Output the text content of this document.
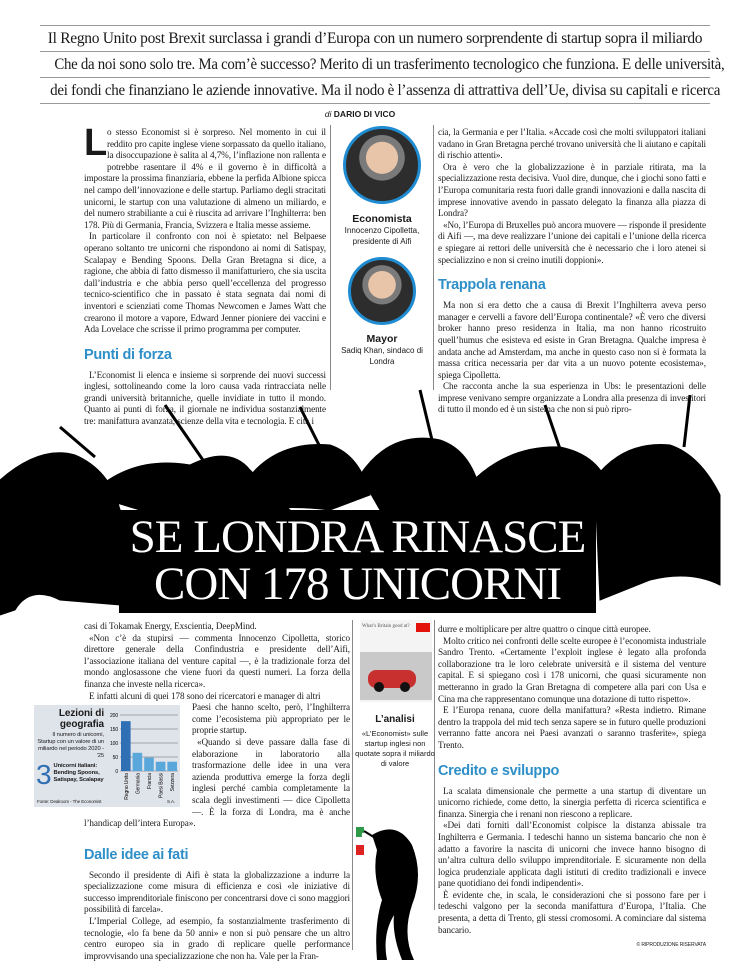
Il Regno Unito post Brexit surclassa i grandi d’Europa con un numero sorprendente di startup sopra il miliardo
Che da noi sono solo tre. Ma com’è successo? Merito di un trasferimento tecnologico che funziona. E delle università,
dei fondi che finanziano le aziende innovative. Ma il nodo è l’assenza di attrattiva dell’Ue, divisa su capitali e ricerca
di DARIO DI VICO
L o stesso Economist si è sorpreso. Nel momento in cui il reddito pro capite inglese viene sorpassato da quello italiano, la disoccupazione è salita al 4,7%, l’inflazione non rallenta e potrebbe rasentare il 4% e il governo è in difficoltà a impostare la prossima finanziaria, ebbene la perfida Albione spicca nel campo dell’innovazione e delle startup. Parliamo degli stracitati unicorni, le startup con una valutazione di almeno un miliardo, e del numero strabiliante a cui è riuscita ad arrivare l’Inghilterra: ben 178. Più di Germania, Francia, Svizzera e Italia messe assieme.

In particolare il confronto con noi è spietato: nel Belpaese operano soltanto tre unicorni che rispondono ai nomi di Satispay, Scalapay e Bending Spoons. Della Gran Bretagna si dice, a ragione, che abbia di fatto dismesso il manifatturiero, che sia uscita dall’industria e che abbia perso quell’eccellenza del progresso tecnico-scientifico che in passato è stata segnata dai nomi di inventori e scienziati come Thomas Newcomen e James Watt che crearono il motore a vapore, Edward Jenner pioniere dei vaccini e Ada Lovelace che scrisse il primo programma per computer.

Punti di forza

L’Economist li elenca e insieme si sorprende dei nuovi successi inglesi, sottolineando come la loro causa vada rintracciata nelle grandi università britanniche, quelle invidiate in tutto il mondo. Quanto ai punti di forza, il giornale ne individua sostanzialmente tre: manifattura avanzata, scienze della vita e tecnologia. E cita i

Economista
Innocenzo Cipolletta, presidente di Aifi
Mayor
Sadiq Khan, sindaco di Londra

cia, la Germania e per l’Italia. «Accade così che molti sviluppatori italiani vadano in Gran Bretagna perché trovano università che li aiutano e capitali di rischio attenti».

Ora è vero che la globalizzazione è in parziale ritirata, ma la specializzazione resta decisiva. Vuol dire, dunque, che i giochi sono fatti e l’Europa comunitaria resta fuori dalle grandi innovazioni e dalla nascita di imprese innovative avendo in passato delegato la finanza alla piazza di Londra?

«No, l’Europa di Bruxelles può ancora muovere — risponde il presidente di Aifi —, ma deve realizzare l’unione dei capitali e l’unione della ricerca e spiegare ai rettori delle università che è necessario che i loro atenei si specializzino e non si creino inutili doppioni».

Trappola renana

Ma non si era detto che a causa di Brexit l’Inghilterra aveva perso manager e cervelli a favore dell’Europa continentale? «È vero che diversi broker hanno preso residenza in Italia, ma non hanno ricostruito quell’humus che esisteva ed esiste in Gran Bretagna. Qualche impresa è andata anche ad Amsterdam, ma anche in questo caso non si è formata la massa critica necessaria per dar vita a un nuovo potente ecosistema», spiega Cipolletta.

Che racconta anche la sua esperienza in Ubs: le presentazioni delle imprese venivano sempre organizzate a Londra alla presenza di investitori di tutto il mondo ed è un sistema che non si può ripro-

SE LONDRA RINASCE
CON 178 UNICORNI

casi di Tokamak Energy, Exscientia, DeepMind.

«Non c’è da stupirsi — commenta Innocenzo Cipolletta, storico direttore generale della Confindustria e presidente dell’Aifi, l’associazione italiana del venture capital —, è la tradizionale forza del mondo anglosassone che viene fuori da questi numeri. La forza della finanza che investe nella ricerca».

E infatti alcuni di quei 178 sono dei ricercatori e manager di altri

Lezioni di geografia
Il numero di unicorni, Startup con un valore di un miliardo nel periodo 2020 - ’25
3 Unicorni italiani: Bending Spoons, Satispay, Scalapay
Fonte: Dealroom - The Economist	S.A.
0
50
100
150
200
Regno Unito Germania Francia Paesi Bassi Svizzera

Paesi che hanno scelto, però, l’Inghilterra come l’ecosistema più appropriato per le proprie startup.

«Quando si deve passare dalla fase di elaborazione in laboratorio alla trasformazione delle idee in una vera azienda produttiva emerge la forza degli inglesi perché cambia completamente la scala degli investimenti — dice Cipolletta —. È la forza di Londra, ma è anche l’handicap dell’intera Europa».

Dalle idee ai fati

Secondo il presidente di Aifi è stata la globalizzazione a indurre la specializzazione come misura di efficienza e così «le iniziative di successo imprenditoriale finiscono per concentrarsi dove ci sono maggiori possibilità di farcela».

L’Imperial College, ad esempio, fa sostanzialmente trasferimento di tecnologie, «lo fa bene da 50 anni» e non si può pensare che un altro centro europeo sia in grado di replicare quelle performance improvvisando una specializzazione che non ha. Vale per la Fran-

What’s Britain good at?
L’analisi
«L’Economist» sulle startup inglesi non quotate sopra il miliardo di valore

durre e moltiplicare per altre quattro o cinque città europee.

Molto critico nei confronti delle scelte europee è l’economista industriale Sandro Trento. «Certamente l’exploit inglese è legato alla profonda collaborazione tra le loro celebrate università e il sistema del venture capital. E si spiegano così i 178 unicorni, che quasi sicuramente non metteranno in grado la Gran Bretagna di competere alla pari con Usa e Cina ma che rappresentano comunque una dotazione di tutto rispetto».

E l’Europa renana, cuore della manifattura? «Resta indietro. Rimane dentro la trappola del mid tech senza sapere se in futuro quelle produzioni verranno fatte ancora nei Paesi avanzati o saranno trasferite», spiega Trento.

Credito e sviluppo

La scalata dimensionale che permette a una startup di diventare un unicorno richiede, come detto, la sinergia perfetta di ricerca scientifica e finanza. Sinergia che i renani non riescono a replicare.

«Dei dati forniti dall’Economist colpisce la distanza abissale tra Inghilterra e Germania. I tedeschi hanno un sistema bancario che non è adatto a favorire la nascita di unicorni che invece hanno bisogno di un’altra cultura dello sviluppo imprenditoriale. E sicuramente non della logica prudenziale applicata dagli istituti di credito tradizionali e invece pane quotidiano dei fondi indipendenti».

È evidente che, in scala, le considerazioni che si possono fare per i tedeschi valgono per la seconda manifattura d’Europa, l’Italia. Che presenta, a detta di Trento, gli stessi cromosomi. A cominciare dal sistema bancario.

© RIPRODUZIONE RISERVATA
